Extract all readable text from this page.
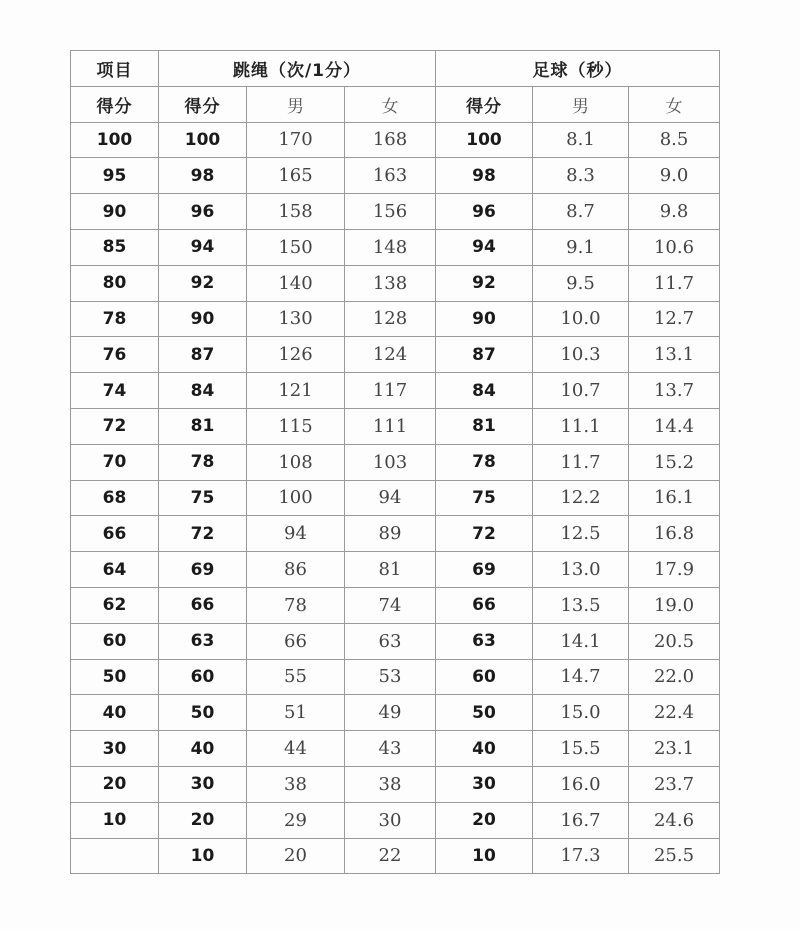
项目	跳绳（次/1分）			足球（秒）		
得分	得分	男	女	得分	男	女
100	100	170	168	100	8.1	8.5
95	98	165	163	98	8.3	9.0
90	96	158	156	96	8.7	9.8
85	94	150	148	94	9.1	10.6
80	92	140	138	92	9.5	11.7
78	90	130	128	90	10.0	12.7
76	87	126	124	87	10.3	13.1
74	84	121	117	84	10.7	13.7
72	81	115	111	81	11.1	14.4
70	78	108	103	78	11.7	15.2
68	75	100	94	75	12.2	16.1
66	72	94	89	72	12.5	16.8
64	69	86	81	69	13.0	17.9
62	66	78	74	66	13.5	19.0
60	63	66	63	63	14.1	20.5
50	60	55	53	60	14.7	22.0
40	50	51	49	50	15.0	22.4
30	40	44	43	40	15.5	23.1
20	30	38	38	30	16.0	23.7
10	20	29	30	20	16.7	24.6
	10	20	22	10	17.3	25.5
